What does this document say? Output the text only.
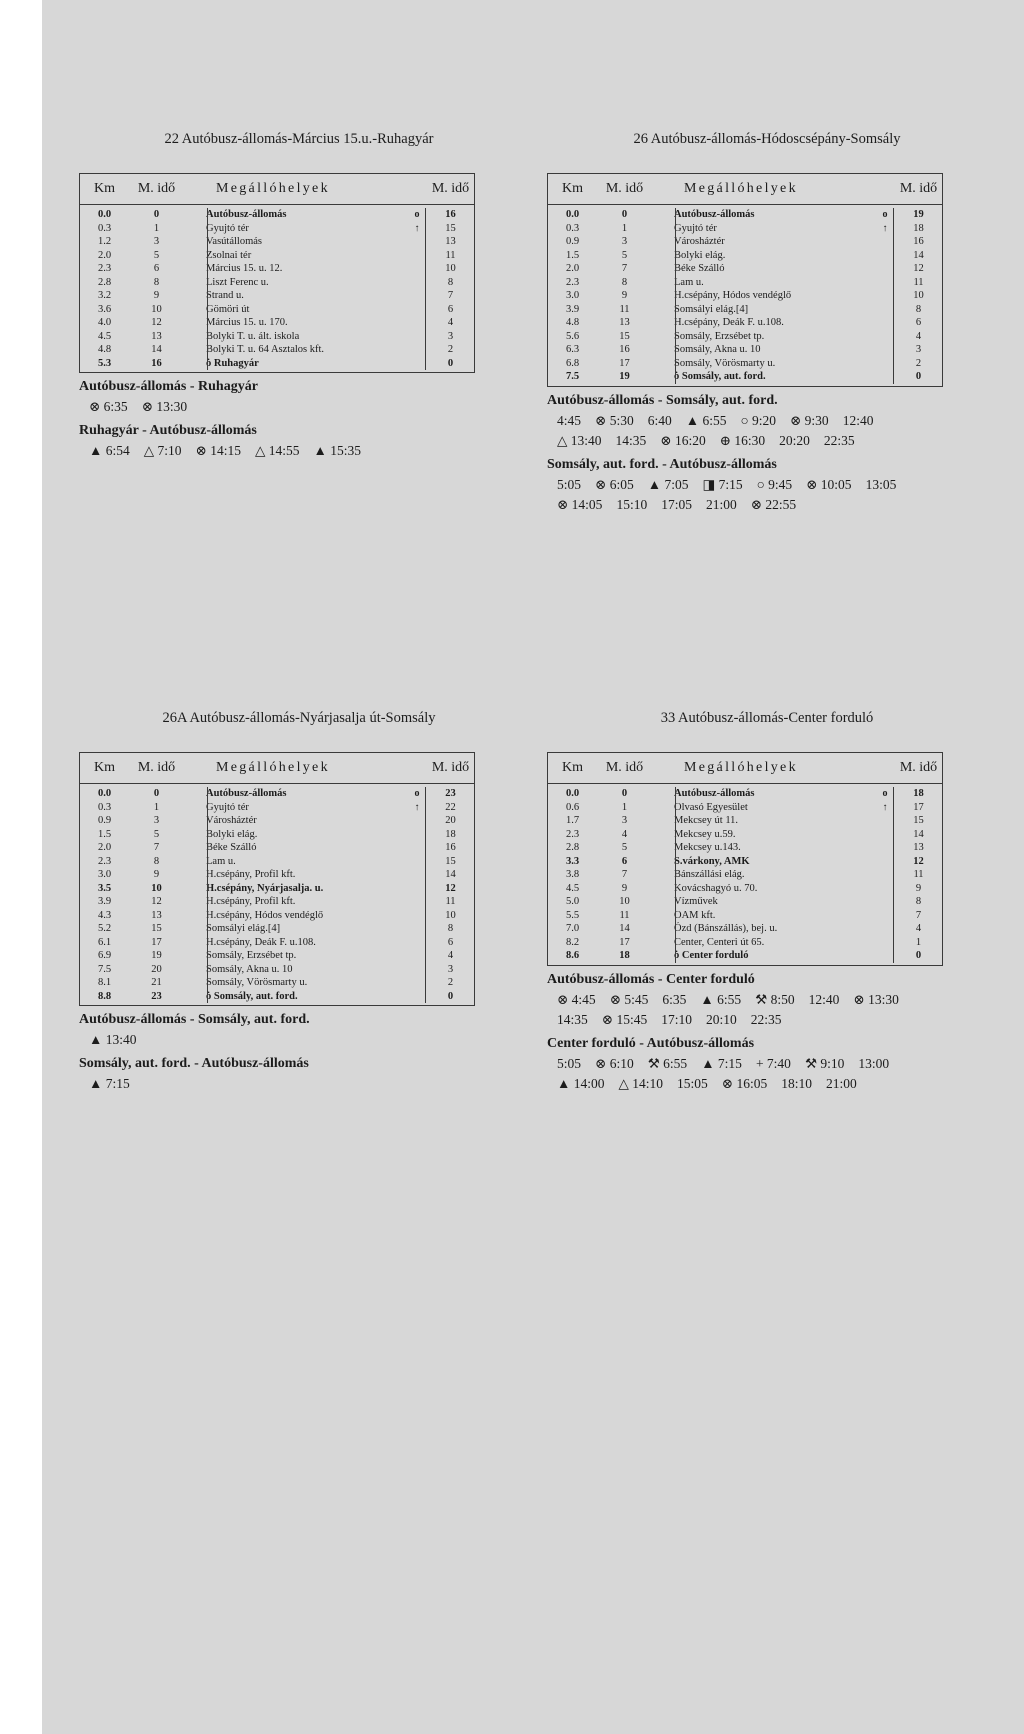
22 Autóbusz-állomás-Március 15.u.-Ruhagyár
Km	M. idő	Megállóhelyek	M. idő
0.0	0	Autóbusz-állomás	o	16
0.3	1	Gyujtó tér	↑	15
1.2	3	Vasútállomás	13
2.0	5	Zsolnai tér	11
2.3	6	Március 15. u. 12.	10
2.8	8	Liszt Ferenc u.	8
3.2	9	Strand u.	7
3.6	10	Gömöri út	6
4.0	12	Március 15. u. 170.	4
4.5	13	Bolyki T. u. ált. iskola	3
4.8	14	Bolyki T. u. 64 Asztalos kft.	2
5.3	16	ȯ Ruhagyár	0
Autóbusz-állomás - Ruhagyár
⊗ 6:35 ⊗ 13:30
Ruhagyár - Autóbusz-állomás
▲ 6:54 △ 7:10 ⊗ 14:15 △ 14:55 ▲ 15:35
26 Autóbusz-állomás-Hódoscsépány-Somsály
Km	M. idő	Megállóhelyek	M. idő
0.0	0	Autóbusz-állomás	o	19
0.3	1	Gyujtó tér	↑	18
0.9	3	Városháztér	16
1.5	5	Bolyki elág.	14
2.0	7	Béke Szálló	12
2.3	8	Lam u.	11
3.0	9	H.csépány, Hódos vendéglő	10
3.9	11	Somsályi elág.[4]	8
4.8	13	H.csépány, Deák F. u.108.	6
5.6	15	Somsály, Erzsébet tp.	4
6.3	16	Somsály, Akna u. 10	3
6.8	17	Somsály, Vörösmarty u.	2
7.5	19	ȯ Somsály, aut. ford.	0
Autóbusz-állomás - Somsály, aut. ford.
4:45 ⊗ 5:30 6:40 ▲ 6:55 ○ 9:20 ⊗ 9:30 12:40
△ 13:40 14:35 ⊗ 16:20 ⊕ 16:30 20:20 22:35
Somsály, aut. ford. - Autóbusz-állomás
5:05 ⊗ 6:05 ▲ 7:05 ◨ 7:15 ○ 9:45 ⊗ 10:05 13:05
⊗ 14:05 15:10 17:05 21:00 ⊗ 22:55
26A Autóbusz-állomás-Nyárjasalja út-Somsály
Km	M. idő	Megállóhelyek	M. idő
0.0	0	Autóbusz-állomás	o	23
0.3	1	Gyujtó tér	↑	22
0.9	3	Városháztér	20
1.5	5	Bolyki elág.	18
2.0	7	Béke Szálló	16
2.3	8	Lam u.	15
3.0	9	H.csépány, Profil kft.	14
3.5	10	H.csépány, Nyárjasalja. u.	12
3.9	12	H.csépány, Profil kft.	11
4.3	13	H.csépány, Hódos vendéglő	10
5.2	15	Somsályi elág.[4]	8
6.1	17	H.csépány, Deák F. u.108.	6
6.9	19	Somsály, Erzsébet tp.	4
7.5	20	Somsály, Akna u. 10	3
8.1	21	Somsály, Vörösmarty u.	2
8.8	23	ȯ Somsály, aut. ford.	0
Autóbusz-állomás - Somsály, aut. ford.
▲ 13:40
Somsály, aut. ford. - Autóbusz-állomás
▲ 7:15
33 Autóbusz-állomás-Center forduló
Km	M. idő	Megállóhelyek	M. idő
0.0	0	Autóbusz-állomás	o	18
0.6	1	Olvasó Egyesület	↑	17
1.7	3	Mekcsey út 11.	15
2.3	4	Mekcsey u.59.	14
2.8	5	Mekcsey u.143.	13
3.3	6	S.várkony, AMK	12
3.8	7	Bánszállási elág.	11
4.5	9	Kovácshagyó u. 70.	9
5.0	10	Vízművek	8
5.5	11	OAM kft.	7
7.0	14	Ózd (Bánszállás), bej. u.	4
8.2	17	Center, Centeri út 65.	1
8.6	18	ȯ Center forduló	0
Autóbusz-állomás - Center forduló
⊗ 4:45 ⊗ 5:45 6:35 ▲ 6:55 ⚒ 8:50 12:40 ⊗ 13:30
14:35 ⊗ 15:45 17:10 20:10 22:35
Center forduló - Autóbusz-állomás
5:05 ⊗ 6:10 ⚒ 6:55 ▲ 7:15 + 7:40 ⚒ 9:10 13:00
▲ 14:00 △ 14:10 15:05 ⊗ 16:05 18:10 21:00
